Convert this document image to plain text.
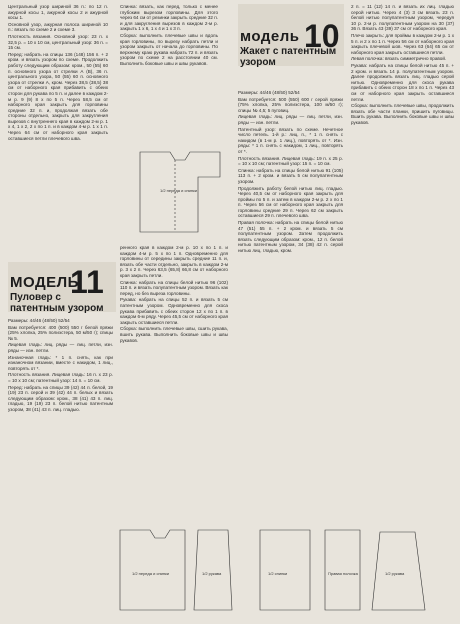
Центральный узор шириной 36 п.: по 12 п. ажурной косы 1, ажурной косы 2 и ажурной косы 1.

Основной узор, ажурная полоса шириной 10 п.: вязать по схеме 2 и схеме 3.

Плотность вязания. Основной узор: 23 п. х 32,5 р. = 10 х 10 см, центральный узор: 36 п. = 15 см.

Перед: набрать на спицы 136 (148) 156 п. + 2 кром. и вязать узором по схеме. Продолжить работу следующим образом: кром., 50 (55) 60 п. основного узора от стрелки А (В), 36 п. центрального узора, 50 (55) 60 п. основного узора от стрелки А, кром. Через 38,5 (38,5) 38 см от наборного края прибавить с обеих сторон для рукава по 5 п. и далее в каждом 2-м р. 9 (9) 8 х по 5 п. Через 58,5 см от наборного края закрыть для горловины средние 32 п. и, продолжая вязать обе стороны отдельно, закрыть для закругления вырезов с внутреннего края в каждом 2-м р. 1 х 4, 1 х 2, 2 х по 1 п. и в каждом 4-м р. 1 х 1 п. Через 64 см от наборного края закрыть оставшиеся петли плечевого шва.

Спинка: вязать, как перед, только с менее глубоким вырезом горловины. Для этого через 64 см от резинки закрыть средние 32 п. и для закругления вырезов в каждом 2-м р. закрыть 1 х 6, 1 х 4 и 1 х 3 п.

Сборка: выполнить плечевые швы и вдоль края горловины, по вырезу набрать петли и узором закрыть от начала до горловины. По верхнему краю рукава набрать 72 п. и вязать узором по схеме 2 на расстоянии 40 см. Выполнить боковые швы и швы рукавов.

1/2 переда и спинки
модель 10
Жакет с патентным узором

Размеры: 44/46 (48/50) 52/54

Вам потребуется: 500 (550) 600 г серой пряжи (75% хлопка, 25% полиэстера, 100 м/50 г); спицы № 4,5; 5 пуговиц.

Лицевая гладь: лиц. ряды — лиц. петли, изн. ряды — изн. петли.

Патентный узор: вязать по схеме. Нечетное число петель. 1-й р.: лиц. п., * 1 п. снять с накидом (в 1-м р. 1 лиц.), повторять от *. Изн. ряды: * 1 п. снять с накидом, 1 лиц., повторять от *.

Плотность вязания. Лицевая гладь: 19 п. х 25 р. = 10 х 10 см; патентный узор: 15 п. = 10 см.

Спинка: набрать на спицы белой нитью 91 (105) 113 п. + 2 кром. и вязать 5 см полупатентным узором.

Продолжить работу белой нитью лиц. гладью. Через 40,5 см от наборного края закрыть для проймы по 5 п. и затем в каждом 2-м р. 2 х по 1 п. Через 56 см от наборного края закрыть для горловины средние 29 п. Через 62 см закрыть оставшиеся 29 п. плечевого шва.

Правая полочка: набрать на спицы белой нитью 47 (51) 55 п. + 2 кром. и вязать 5 см полупатентным узором. Затем продолжить вязать следующим образом: кром., 12 п. белой нитью патентным узором, 34 (38) 42 п. серой нитью лиц. гладью, кром.

2 п. = 11 (12) 14 п. и вязать их лиц. гладью серой нитью. Через 4 (3) 3 см вязать 23 п. белой нитью полупатентным узором, чередуя 10 р. 2-м р. полупатентным узором на 30 (37) 36 п. Вязать 43 (39) 37 см от наборного края.

Плечо закрыть: для проймы в каждом 2-м р. 1 х 5 п. и 2 х по 1 п. Через 56 см от наборного края закрыть плечевой шов. Через 63 (64) 65 см от наборного края закрыть оставшиеся петли.

Левая полочка: вязать симметрично правой.

Рукава: набрать на спицы белой нитью 45 п. + 2 кром. и вязать 14 р. полупатентным узором. Далее продолжить вязать лиц. гладью серой нитью. Одновременно для скоса рукава прибавить с обеих сторон 18 х по 1 п. Через 43 см от наборного края закрыть оставшиеся петли.

Сборка: выполнить плечевые швы, продолжить вязать обе части планки, пришить пуговицы. Вшить рукава. Выполнить боковые швы и швы рукавов.

МОДЕЛЬ
11
Пуловер с патентным узором

Размеры: 44/46 (48/50) 52/54

Вам потребуется: 400 (500) 550 г белой пряжи (25% хлопка, 25% полиэстера, 50 м/50 г); спицы № 5.

Лицевая гладь: лиц. ряды — лиц. петли, изн. ряды — изн. петли.

Изнаночная гладь: * 1 п. снять, как при изнаночном вязании, вместе с накидом, 1 лиц., повторять от *.

Плотность вязания. Лицевая гладь: 16 п. х 23 р. = 10 х 10 см; патентный узор: 14 п. = 10 см.

Перед: набрать на спицы 39 (42) 44 п. белой, 19 (19) 23 п. серой и 39 (42) 44 п. белых и вязать следующим образом: кром., 38 (41) 43 п. лиц. гладью, 19 (19) 23 п. белой нитью патентным узором, 38 (41) 43 п. лиц. гладью.

ренного края в каждом 2-м р. 10 х по 1 п. и каждом 4-м р. 5 х по 1 п. Одновременно для горловины от середины закрыть средние 11 п. и, вязать обе части отдельно, закрыть в каждом 2-м р. 3 х 2 п. Через 63,5 (65,8) 66,8 см от наборного края закрыть петли.

Спинка: набрать на спицы белой нитью 96 (102) 110 п. и вязать полупатентным узором. Вязать как перед, но без выреза горловины.

Рукава: набрать на спицы 52 п. и вязать 5 см патентным узором. Одновременно для скоса рукава прибавить с обеих сторон 12 х по 1 п. в каждом 6-м ряду. Через 45,5 см от наборного края закрыть оставшиеся петли.

Сборка: выполнить плечевые швы, сшить рукава, вшить рукава. Выполнить боковые швы и швы рукавов.

1/2 переда и спинки	1/2 рукава	1/2 спинки	Правая полочка	1/2 рукава
